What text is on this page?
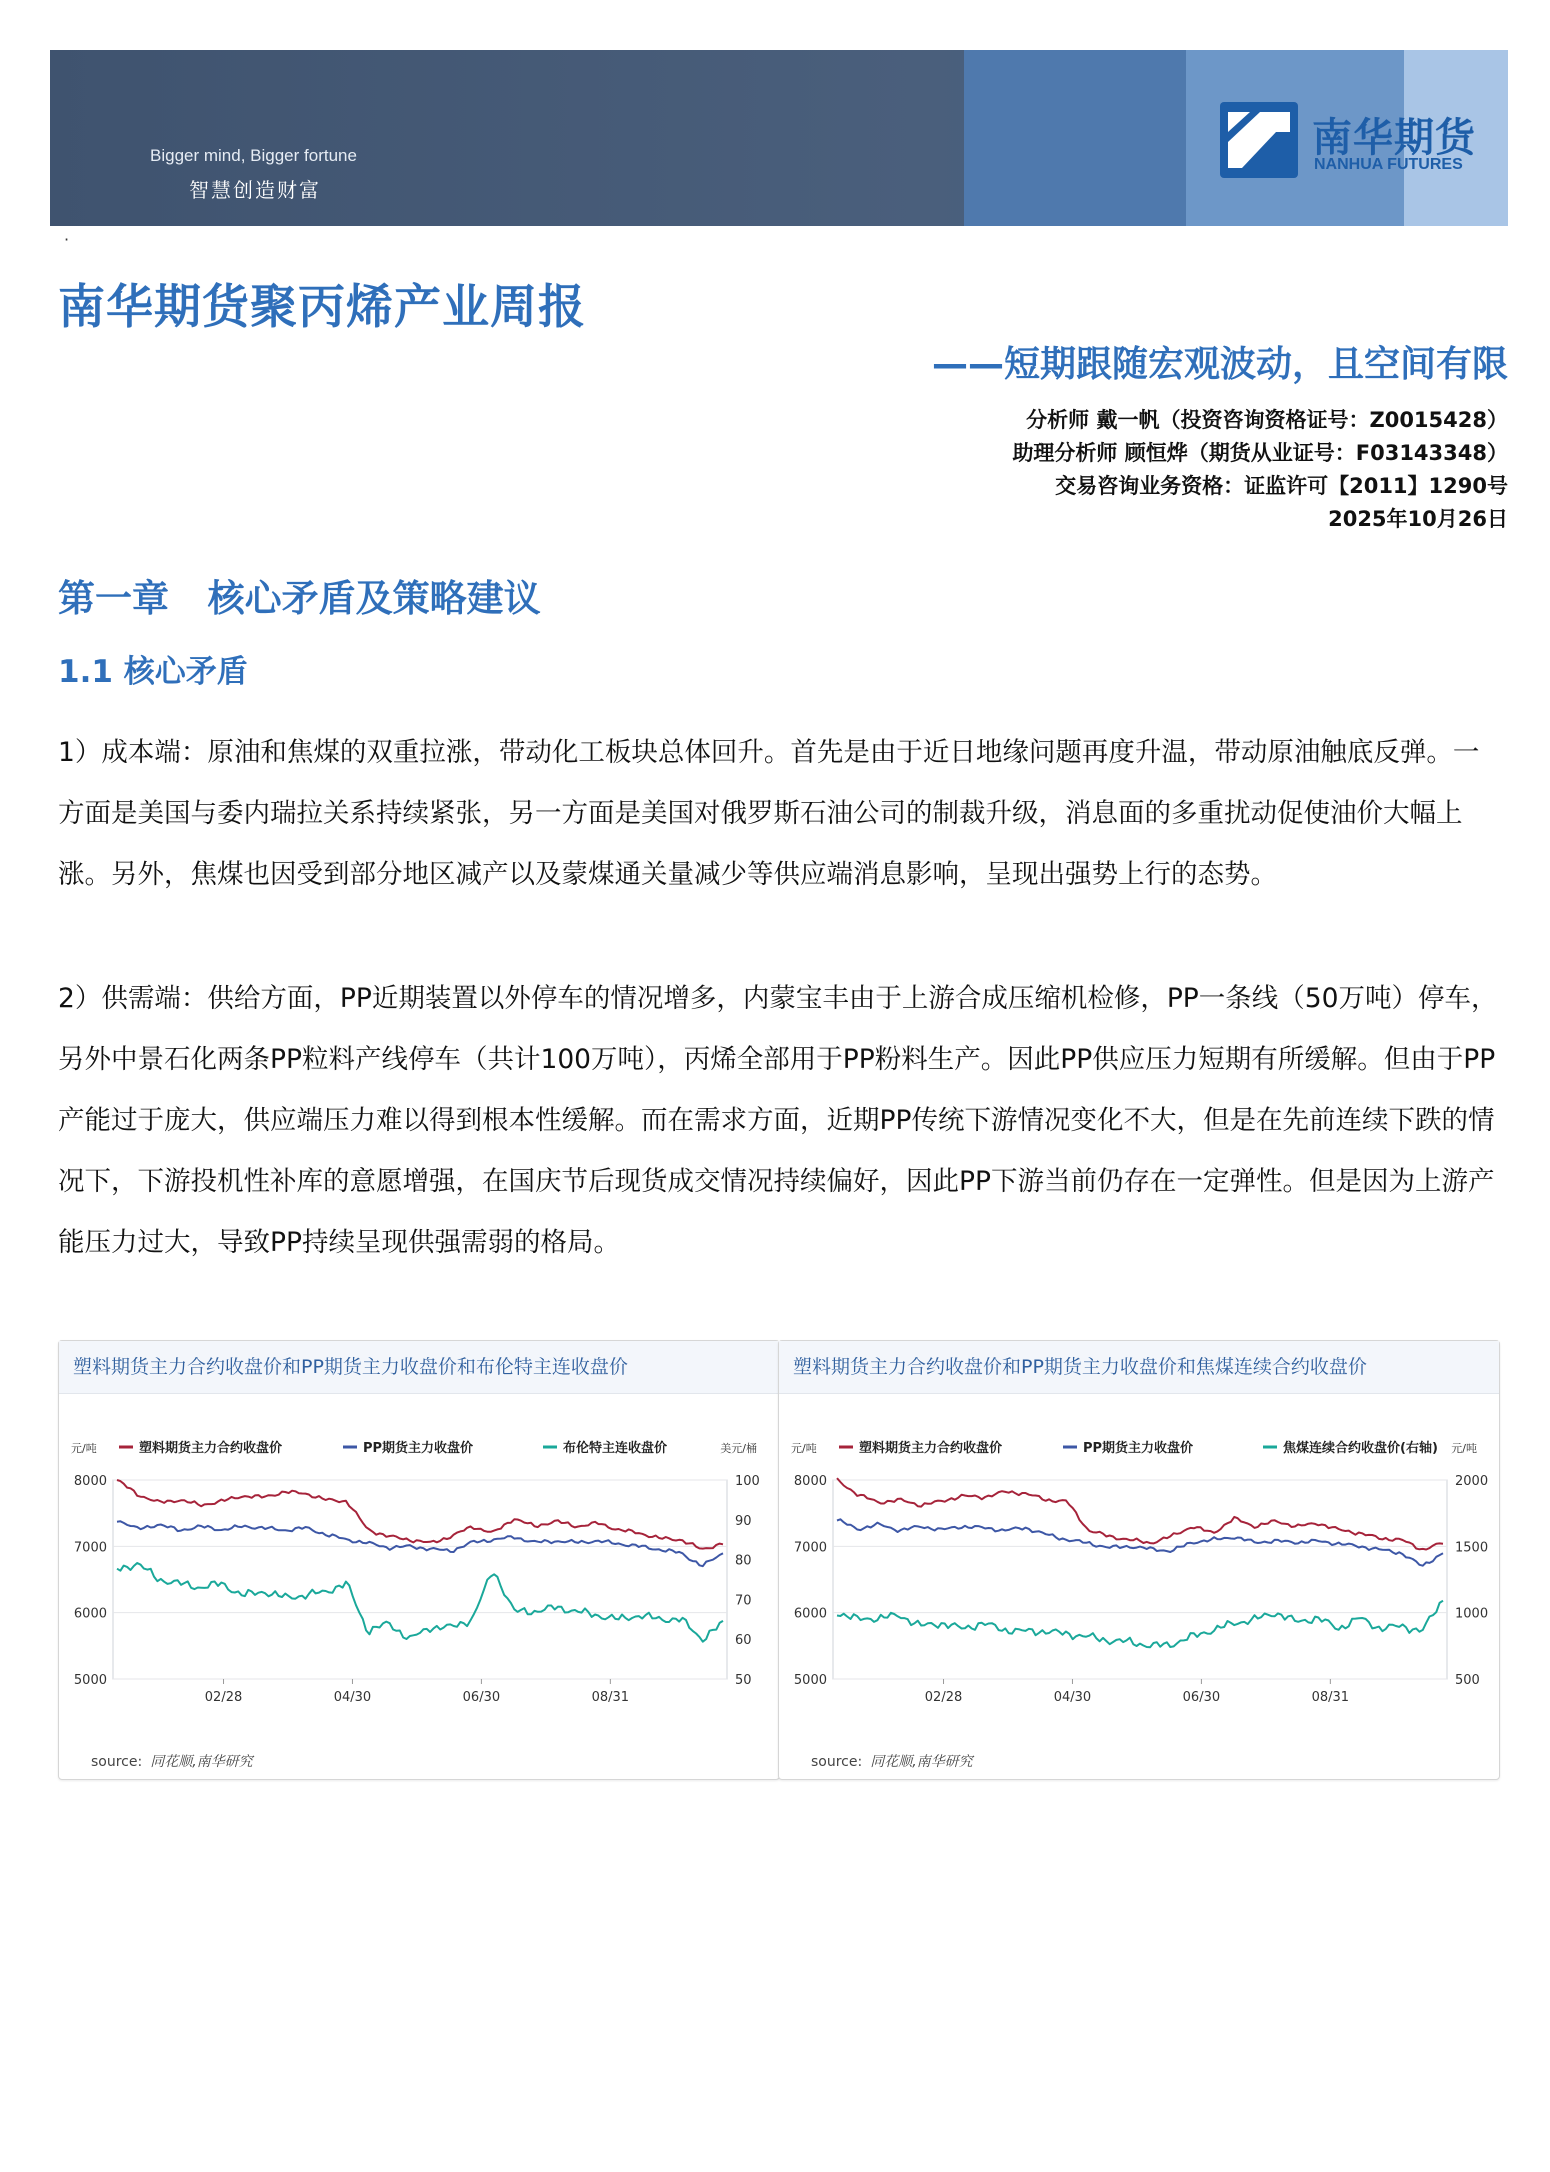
Bigger mind, Bigger fortune
智慧创造财富
南华期货
NANHUA FUTURES
·
南华期货聚丙烯产业周报
——短期跟随宏观波动，且空间有限
分析师 戴一帆（投资咨询资格证号：Z0015428）
助理分析师 顾恒烨（期货从业证号：F03143348）
交易咨询业务资格：证监许可【2011】1290号
2025年10月26日
第一章   核心矛盾及策略建议
1.1 核心矛盾
1）成本端：原油和焦煤的双重拉涨，带动化工板块总体回升。首先是由于近日地缘问题再度升温，带动原油触底反弹。一方面是美国与委内瑞拉关系持续紧张，另一方面是美国对俄罗斯石油公司的制裁升级，消息面的多重扰动促使油价大幅上涨。另外，焦煤也因受到部分地区减产以及蒙煤通关量减少等供应端消息影响，呈现出强势上行的态势。
2）供需端：供给方面，PP近期装置以外停车的情况增多，内蒙宝丰由于上游合成压缩机检修，PP一条线（50万吨）停车，另外中景石化两条PP粒料产线停车（共计100万吨），丙烯全部用于PP粉料生产。因此PP供应压力短期有所缓解。但由于PP产能过于庞大，供应端压力难以得到根本性缓解。而在需求方面，近期PP传统下游情况变化不大，但是在先前连续下跌的情况下，下游投机性补库的意愿增强，在国庆节后现货成交情况持续偏好，因此PP下游当前仍存在一定弹性。但是因为上游产能压力过大，导致PP持续呈现供强需弱的格局。
塑料期货主力合约收盘价和PP期货主力收盘价和布伦特主连收盘价
5000
6000
7000
8000
50
60
70
80
90
100
元/吨	美元/桶
02/28	04/30	06/30	08/31
塑料期货主力合约收盘价	PP期货主力收盘价	布伦特主连收盘价
source: 同花顺,南华研究
塑料期货主力合约收盘价和PP期货主力收盘价和焦煤连续合约收盘价
5000
6000
7000
8000
500
1000
1500
2000
元/吨	元/吨
02/28	04/30	06/30	08/31
塑料期货主力合约收盘价	PP期货主力收盘价	焦煤连续合约收盘价(右轴)
source: 同花顺,南华研究
